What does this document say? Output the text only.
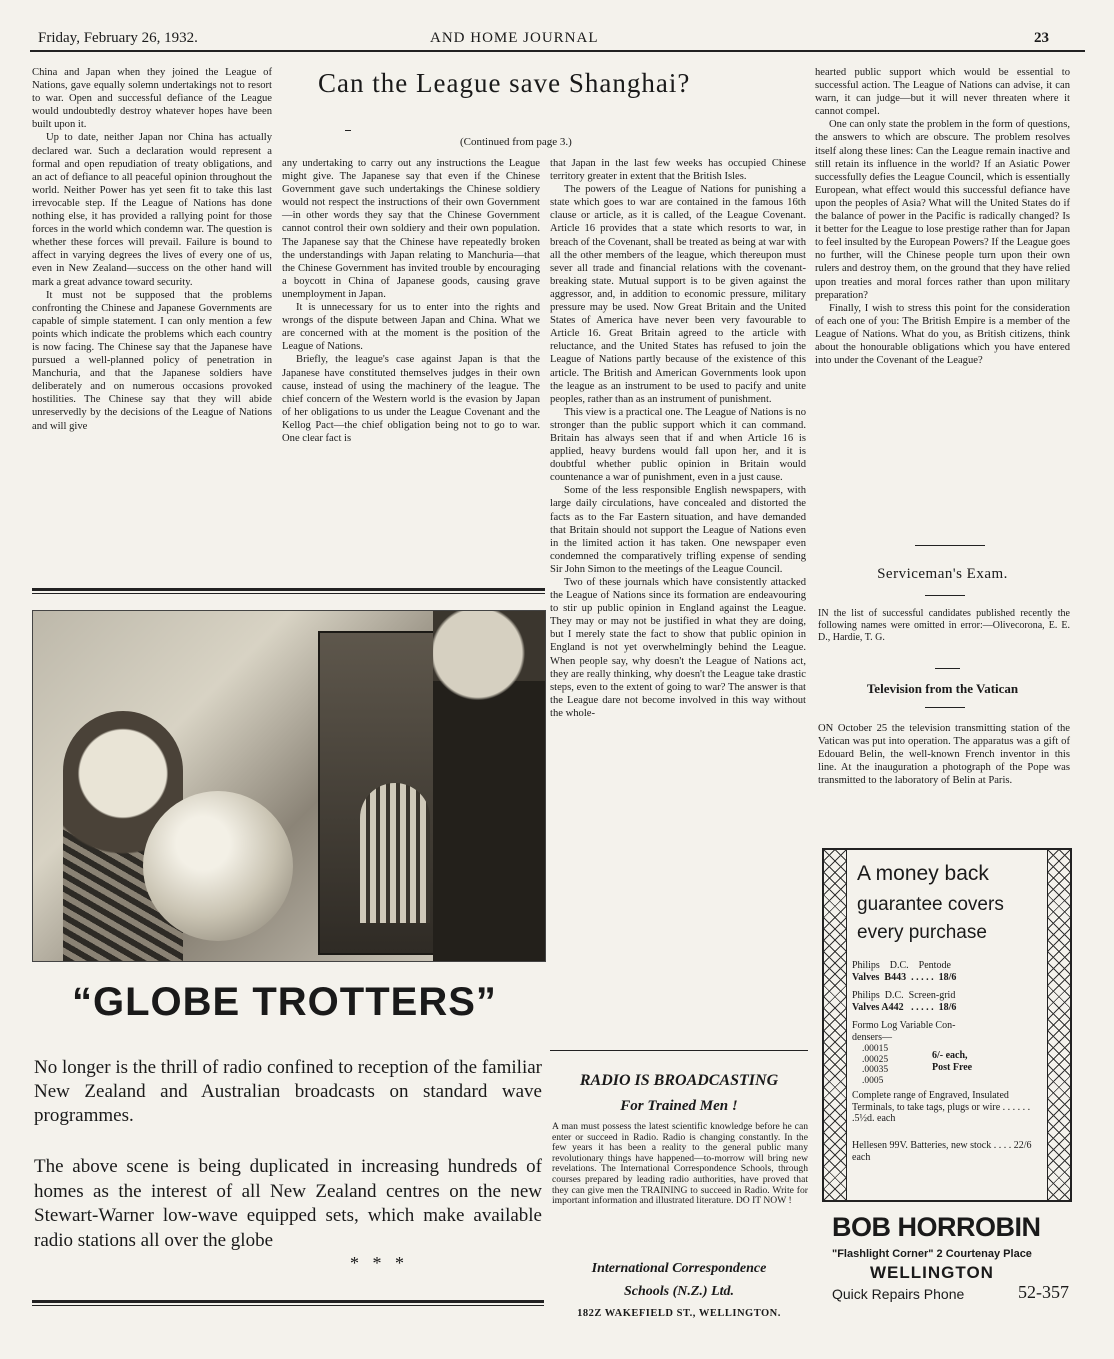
Friday, February 26, 1932.	AND HOME JOURNAL	23
Can the League save Shanghai?
(Continued from page 3.)

China and Japan when they joined the League of Nations, gave equally solemn undertakings not to resort to war. Open and successful defiance of the League would undoubtedly destroy whatever hopes have been built upon it.

Up to date, neither Japan nor China has actually declared war. Such a declaration would represent a formal and open repudiation of treaty obligations, and an act of defiance to all peaceful opinion throughout the world. Neither Power has yet seen fit to take this last irrevocable step. If the League of Nations has done nothing else, it has provided a rallying point for those forces in the world which condemn war. The question is whether these forces will prevail. Failure is bound to affect in varying degrees the lives of every one of us, even in New Zealand—success on the other hand will mark a great advance toward security.

It must not be supposed that the problems confronting the Chinese and Japanese Governments are capable of simple statement. I can only mention a few points which indicate the problems which each country is now facing. The Chinese say that the Japanese have pursued a well-planned policy of penetration in Manchuria, and that the Japanese soldiers have deliberately and on numerous occasions provoked hostilities. The Chinese say that they will abide unreservedly by the decisions of the League of Nations and will give

any undertaking to carry out any instructions the League might give. The Japanese say that even if the Chinese Government gave such undertakings the Chinese soldiery would not respect the instructions of their own Government—in other words they say that the Chinese Government cannot control their own soldiery and their own population. The Japanese say that the Chinese have repeatedly broken the understandings with Japan relating to Manchuria—that the Chinese Government has invited trouble by encouraging a boycott in China of Japanese goods, causing grave unemployment in Japan.

It is unnecessary for us to enter into the rights and wrongs of the dispute between Japan and China. What we are concerned with at the moment is the position of the League of Nations.

Briefly, the league's case against Japan is that the Japanese have constituted themselves judges in their own cause, instead of using the machinery of the league. The chief concern of the Western world is the evasion by Japan of her obligations to us under the League Covenant and the Kellog Pact—the chief obligation being not to go to war. One clear fact is

that Japan in the last few weeks has occupied Chinese territory greater in extent that the British Isles.

The powers of the League of Nations for punishing a state which goes to war are contained in the famous 16th clause or article, as it is called, of the League Covenant. Article 16 provides that a state which resorts to war, in breach of the Covenant, shall be treated as being at war with all the other members of the league, which thereupon must sever all trade and financial relations with the covenant-breaking state. Mutual support is to be given against the aggressor, and, in addition to economic pressure, military pressure may be used. Now Great Britain and the United States of America have never been very favourable to Article 16. Great Britain agreed to the article with reluctance, and the United States has refused to join the League of Nations partly because of the existence of this article. The British and American Governments look upon the league as an instrument to be used to pacify and unite peoples, rather than as an instrument of punishment.

This view is a practical one. The League of Nations is no stronger than the public support which it can command. Britain has always seen that if and when Article 16 is applied, heavy burdens would fall upon her, and it is doubtful whether public opinion in Britain would countenance a war of punishment, even in a just cause.

Some of the less responsible English newspapers, with large daily circulations, have concealed and distorted the facts as to the Far Eastern situation, and have demanded that Britain should not support the League of Nations even in the limited action it has taken. One newspaper even condemned the comparatively trifling expense of sending Sir John Simon to the meetings of the League Council.

Two of these journals which have consistently attacked the League of Nations since its formation are endeavouring to stir up public opinion in England against the League. They may or may not be justified in what they are doing, but I merely state the fact to show that public opinion in England is not yet overwhelmingly behind the League. When people say, why doesn't the League of Nations act, they are really thinking, why doesn't the League take drastic steps, even to the extent of going to war? The answer is that the League dare not become involved in this way without the whole-

hearted public support which would be essential to successful action. The League of Nations can advise, it can warn, it can judge—but it will never threaten where it cannot compel.

One can only state the problem in the form of questions, the answers to which are obscure. The problem resolves itself along these lines: Can the League remain inactive and still retain its influence in the world? If an Asiatic Power successfully defies the League Council, which is essentially European, what effect would this successful defiance have upon the peoples of Asia? What will the United States do if the balance of power in the Pacific is radically changed? Is it better for the League to lose prestige rather than for Japan to feel insulted by the European Powers? If the League goes no further, will the Chinese people turn upon their own rulers and destroy them, on the ground that they have relied upon treaties and moral forces rather than upon military preparation?

Finally, I wish to stress this point for the consideration of each one of you: The British Empire is a member of the League of Nations. What do you, as British citizens, think about the honourable obligations which you have entered into under the Covenant of the League?

Serviceman's Exam.
IN the list of successful candidates published recently the following names were omitted in error:—Olivecorona, E. E. D., Hardie, T. G.
Television from the Vatican
ON October 25 the television transmitting station of the Vatican was put into operation. The apparatus was a gift of Edouard Belin, the well-known French inventor in this line. At the inauguration a photograph of the Pope was transmitted to the laboratory of Belin at Paris.
A money back
guarantee covers
every purchase
Philips    D.C.    Pentode
Valves  B443  . . . . .  18/6
Philips  D.C.  Screen-grid
Valves A442   . . . . .  18/6
Formo Log Variable Con-
densers—
.00015
.00025
.00035
.0005
6/- each,
Post Free
Complete range of Engraved, Insulated Terminals, to take tags, plugs or wire . . . . . . .5½d. each
Hellesen 99V. Batteries, new stock . . . . 22/6 each
BOB HORROBIN
"Flashlight Corner" 2 Courtenay Place
WELLINGTON
Quick Repairs Phone	52-357
“GLOBE TROTTERS”
No longer is the thrill of radio confined to reception of the familiar New Zealand and Australian broadcasts on standard wave programmes.
The above scene is being duplicated in increasing hundreds of homes as the interest of all New Zealand centres on the new Stewart-Warner low-wave equipped sets, which make available radio stations all over the globe
*   *   *
RADIO IS BROADCASTING
For Trained Men !
A man must possess the latest scientific knowledge before he can enter or succeed in Radio. Radio is changing constantly. In the few years it has been a reality to the general public many revolutionary things have happened—to-morrow will bring new revelations. The International Correspondence Schools, through courses prepared by leading radio authorities, have proved that they can give men the TRAINING to succeed in Radio. Write for important information and illustrated literature. DO IT NOW !
International Correspondence
Schools (N.Z.) Ltd.
182Z WAKEFIELD ST., WELLINGTON.
